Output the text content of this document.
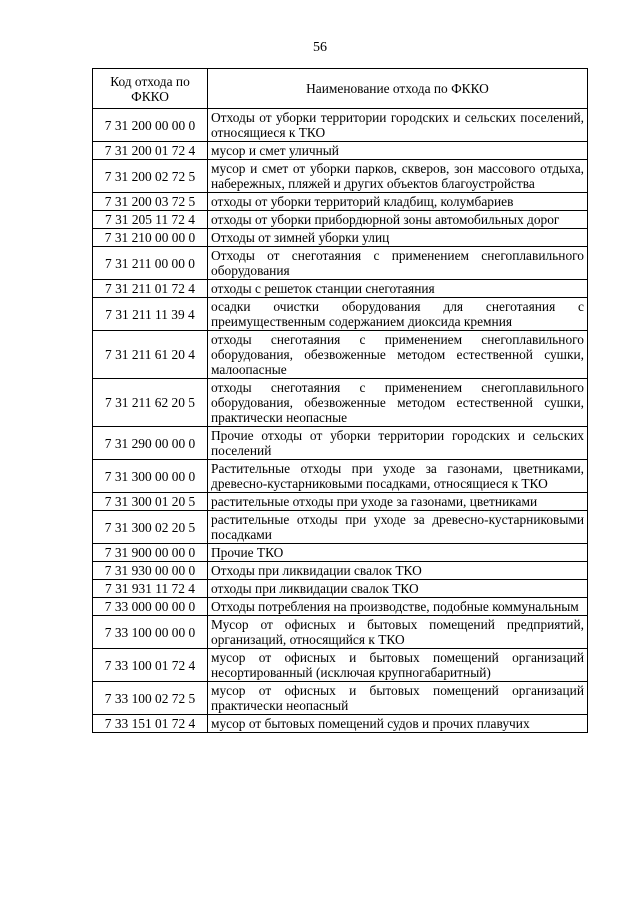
56
Код отхода по ФККО	Наименование отхода по ФККО
7 31 200 00 00 0	Отходы от уборки территории городских и сельских поселений, относящиеся к ТКО
7 31 200 01 72 4	мусор и смет уличный
7 31 200 02 72 5	мусор и смет от уборки парков, скверов, зон массового отдыха, набережных, пляжей и других объектов благоустройства
7 31 200 03 72 5	отходы от уборки территорий кладбищ, колумбариев
7 31 205 11 72 4	отходы от уборки прибордюрной зоны автомобильных дорог
7 31 210 00 00 0	Отходы от зимней уборки улиц
7 31 211 00 00 0	Отходы от снеготаяния с применением снегоплавильного оборудования
7 31 211 01 72 4	отходы с решеток станции снеготаяния
7 31 211 11 39 4	осадки очистки оборудования для снеготаяния с преимущественным содержанием диоксида кремния
7 31 211 61 20 4	отходы снеготаяния с применением снегоплавильного оборудования, обезвоженные методом естественной сушки, малоопасные
7 31 211 62 20 5	отходы снеготаяния с применением снегоплавильного оборудования, обезвоженные методом естественной сушки, практически неопасные
7 31 290 00 00 0	Прочие отходы от уборки территории городских и сельских поселений
7 31 300 00 00 0	Растительные отходы при уходе за газонами, цветниками, древесно-кустарниковыми посадками, относящиеся к ТКО
7 31 300 01 20 5	растительные отходы при уходе за газонами, цветниками
7 31 300 02 20 5	растительные отходы при уходе за древесно-кустарниковыми посадками
7 31 900 00 00 0	Прочие ТКО
7 31 930 00 00 0	Отходы при ликвидации свалок ТКО
7 31 931 11 72 4	отходы при ликвидации свалок ТКО
7 33 000 00 00 0	Отходы потребления на производстве, подобные коммунальным
7 33 100 00 00 0	Мусор от офисных и бытовых помещений предприятий, организаций, относящийся к ТКО
7 33 100 01 72 4	мусор от офисных и бытовых помещений организаций несортированный (исключая крупногабаритный)
7 33 100 02 72 5	мусор от офисных и бытовых помещений организаций практически неопасный
7 33 151 01 72 4	мусор от бытовых помещений судов и прочих плавучих
